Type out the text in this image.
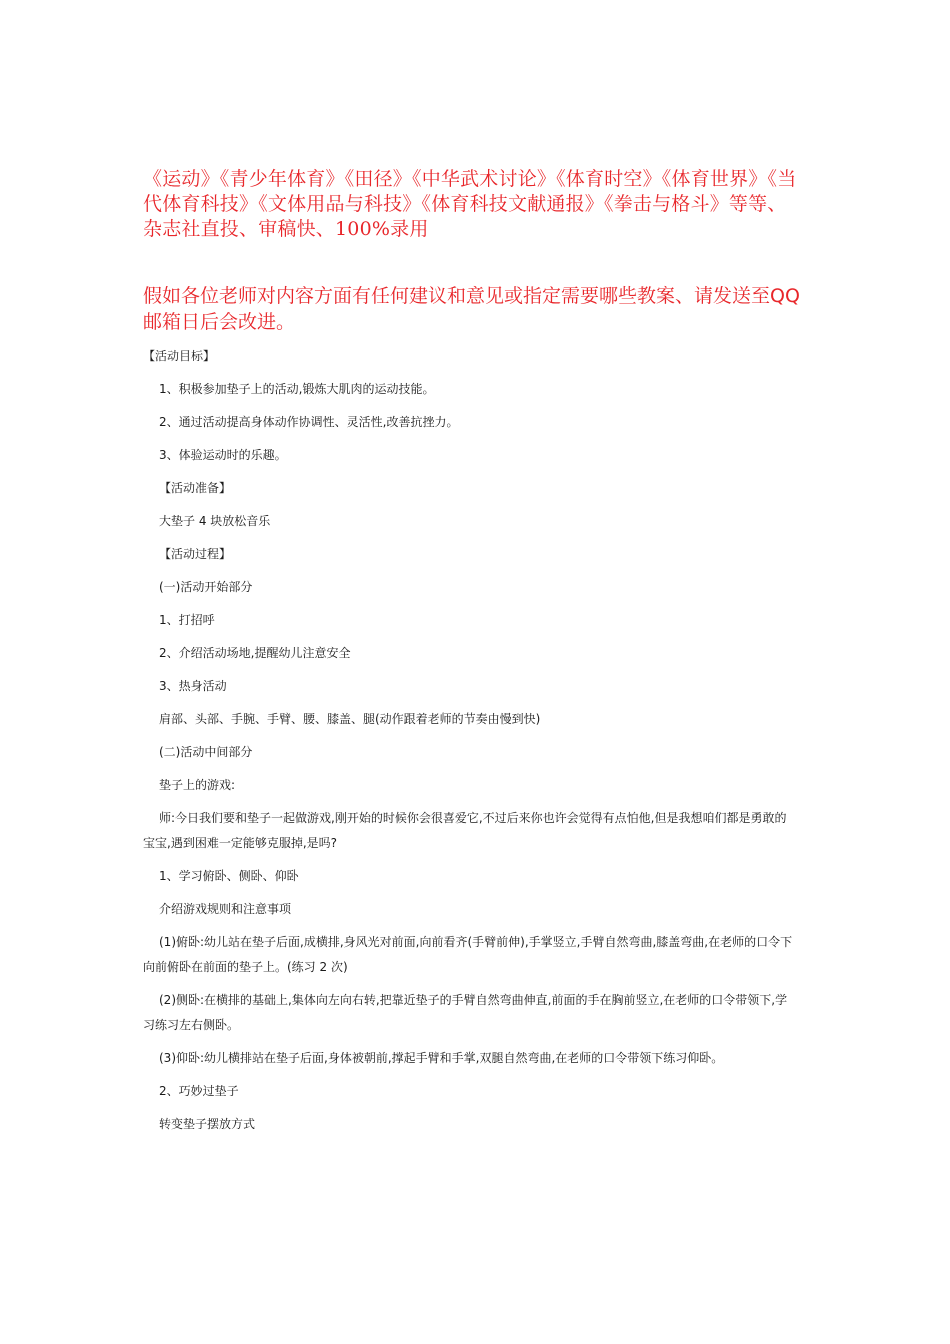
《运动》《青少年体育》《田径》《中华武术讨论》《体育时空》《体育世界》《当代体育科技》《文体用品与科技》《体育科技文献通报》《拳击与格斗》等等、杂志社直投、审稿快、100%录用
假如各位老师对内容方面有任何建议和意见或指定需要哪些教案、请发送至QQ邮箱日后会改进。

【活动目标】

1、积极参加垫子上的活动,锻炼大肌肉的运动技能。

2、通过活动提高身体动作协调性、灵活性,改善抗挫力。

3、体验运动时的乐趣。

【活动准备】

大垫子 4 块放松音乐

【活动过程】

(一)活动开始部分

1、打招呼

2、介绍活动场地,提醒幼儿注意安全

3、热身活动

肩部、头部、手腕、手臂、腰、膝盖、腿(动作跟着老师的节奏由慢到快)

(二)活动中间部分

垫子上的游戏:

师:今日我们要和垫子一起做游戏,刚开始的时候你会很喜爱它,不过后来你也许会觉得有点怕他,但是我想咱们都是勇敢的宝宝,遇到困难一定能够克服掉,是吗?

1、学习俯卧、侧卧、仰卧

介绍游戏规则和注意事项

(1)俯卧:幼儿站在垫子后面,成横排,身风光对前面,向前看齐(手臂前伸),手掌竖立,手臂自然弯曲,膝盖弯曲,在老师的口令下向前俯卧在前面的垫子上。(练习 2 次)

(2)侧卧:在横排的基础上,集体向左向右转,把靠近垫子的手臂自然弯曲伸直,前面的手在胸前竖立,在老师的口令带领下,学习练习左右侧卧。

(3)仰卧:幼儿横排站在垫子后面,身体被朝前,撑起手臂和手掌,双腿自然弯曲,在老师的口令带领下练习仰卧。

2、巧妙过垫子

转变垫子摆放方式
